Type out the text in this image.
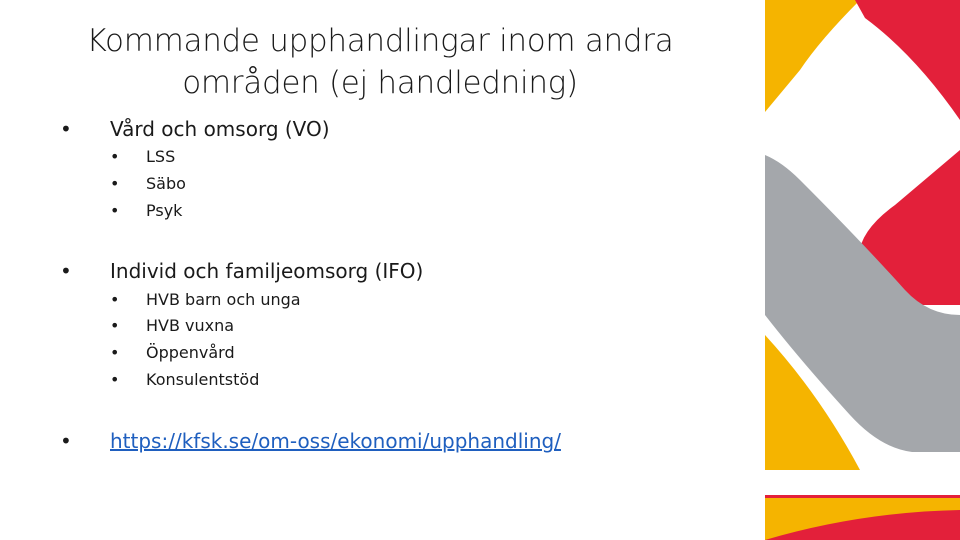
Kommande upphandlingar inom andra
områden (ej handledning)
• Vård och omsorg (VO)
• LSS
• Säbo
• Psyk
• Individ och familjeomsorg (IFO)
• HVB barn och unga
• HVB vuxna
• Öppenvård
• Konsulentstöd
• https://kfsk.se/om-oss/ekonomi/upphandling/
